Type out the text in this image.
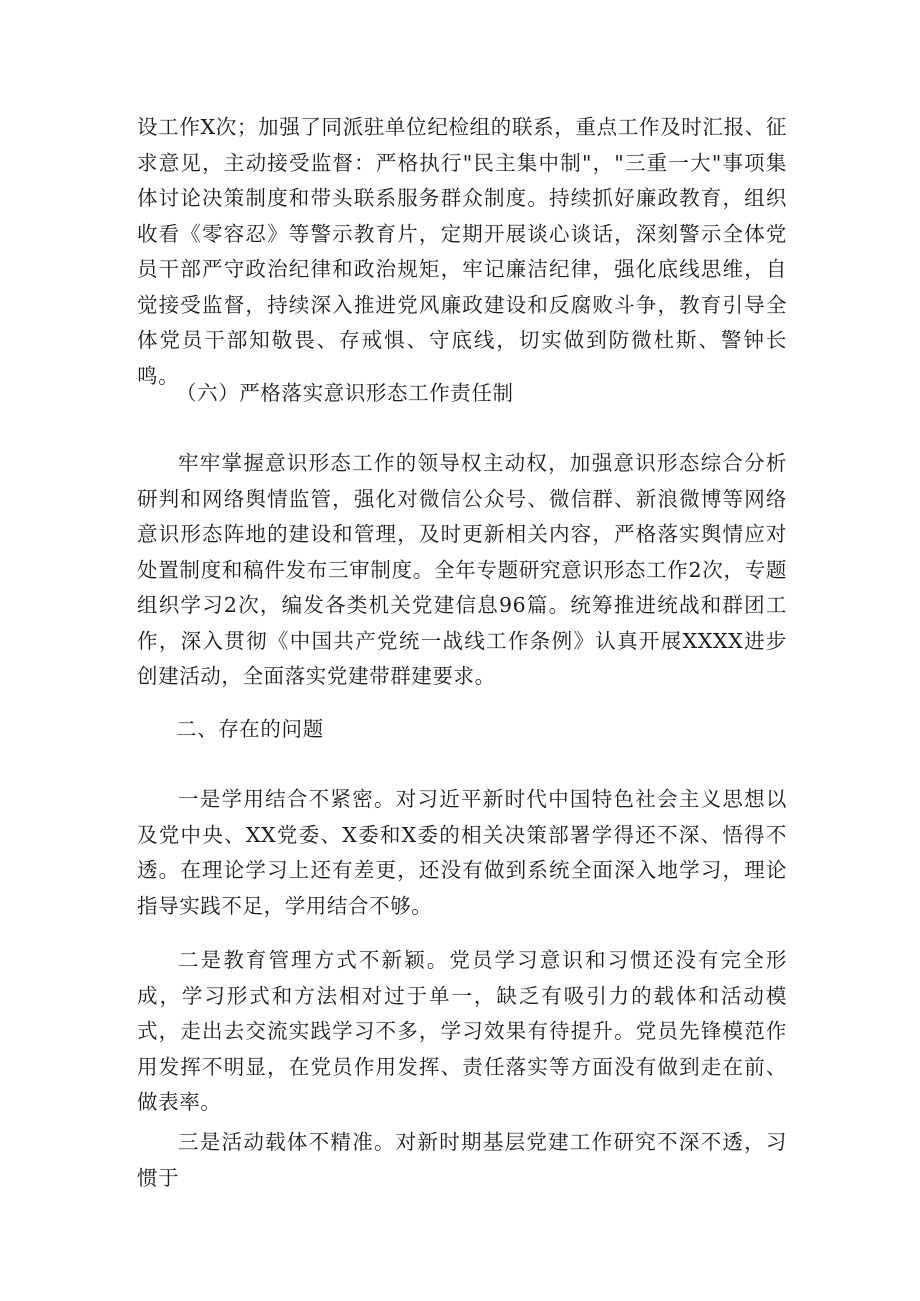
设工作X次；加强了同派驻单位纪检组的联系，重点工作及时汇报、征求意见，主动接受监督：严格执行"民主集中制"，"三重一大"事项集体讨论决策制度和带头联系服务群众制度。持续抓好廉政教育，组织收看《零容忍》等警示教育片，定期开展谈心谈话，深刻警示全体党员干部严守政治纪律和政治规矩，牢记廉洁纪律，强化底线思维，自觉接受监督，持续深入推进党风廉政建设和反腐败斗争，教育引导全体党员干部知敬畏、存戒惧、守底线，切实做到防微杜斯、警钟长鸣。

（六）严格落实意识形态工作责任制

牢牢掌握意识形态工作的领导权主动权，加强意识形态综合分析研判和网络舆情监管，强化对微信公众号、微信群、新浪微博等网络意识形态阵地的建设和管理，及时更新相关内容，严格落实舆情应对处置制度和稿件发布三审制度。全年专题研究意识形态工作2次，专题组织学习2次，编发各类机关党建信息96篇。统筹推进统战和群团工作，深入贯彻《中国共产党统一战线工作条例》认真开展XXXX进步创建活动，全面落实党建带群建要求。

二、存在的问题

一是学用结合不紧密。对习近平新时代中国特色社会主义思想以及党中央、XX党委、X委和X委的相关决策部署学得还不深、悟得不透。在理论学习上还有差更，还没有做到系统全面深入地学习，理论指导实践不足，学用结合不够。

二是教育管理方式不新颖。党员学习意识和习惯还没有完全形成，学习形式和方法相对过于单一，缺乏有吸引力的载体和活动模式，走出去交流实践学习不多，学习效果有待提升。党员先锋模范作用发挥不明显，在党员作用发挥、责任落实等方面没有做到走在前、做表率。

三是活动载体不精准。对新时期基层党建工作研究不深不透，习惯于
